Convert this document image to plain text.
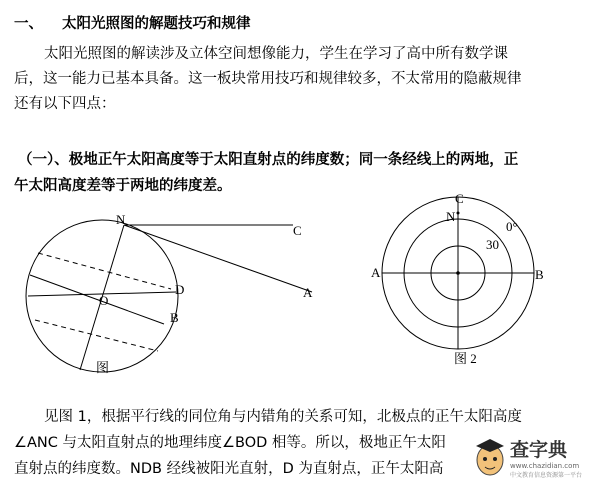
一、 太阳光照图的解题技巧和规律
太阳光照图的解读涉及立体空间想像能力，学生在学习了高中所有数学课
后，这一能力已基本具备。这一板块常用技巧和规律较多，不太常用的隐蔽规律
还有以下四点：
（一）、极地正午太阳高度等于太阳直射点的纬度数；同一条经线上的两地，正
午太阳高度差等于两地的纬度差。
N
C
D	A
O
B
图
C
N
0°
30
A	B
图 2
见图 1，根据平行线的同位角与内错角的关系可知，北极点的正午太阳高度
∠ANC 与太阳直射点的地理纬度∠BOD 相等。所以，极地正午太阳
直射点的纬度数。NDB 经线被阳光直射，D 为直射点，正午太阳高
查字典
www.chazidian.com
中文教育信息资源第一平台
